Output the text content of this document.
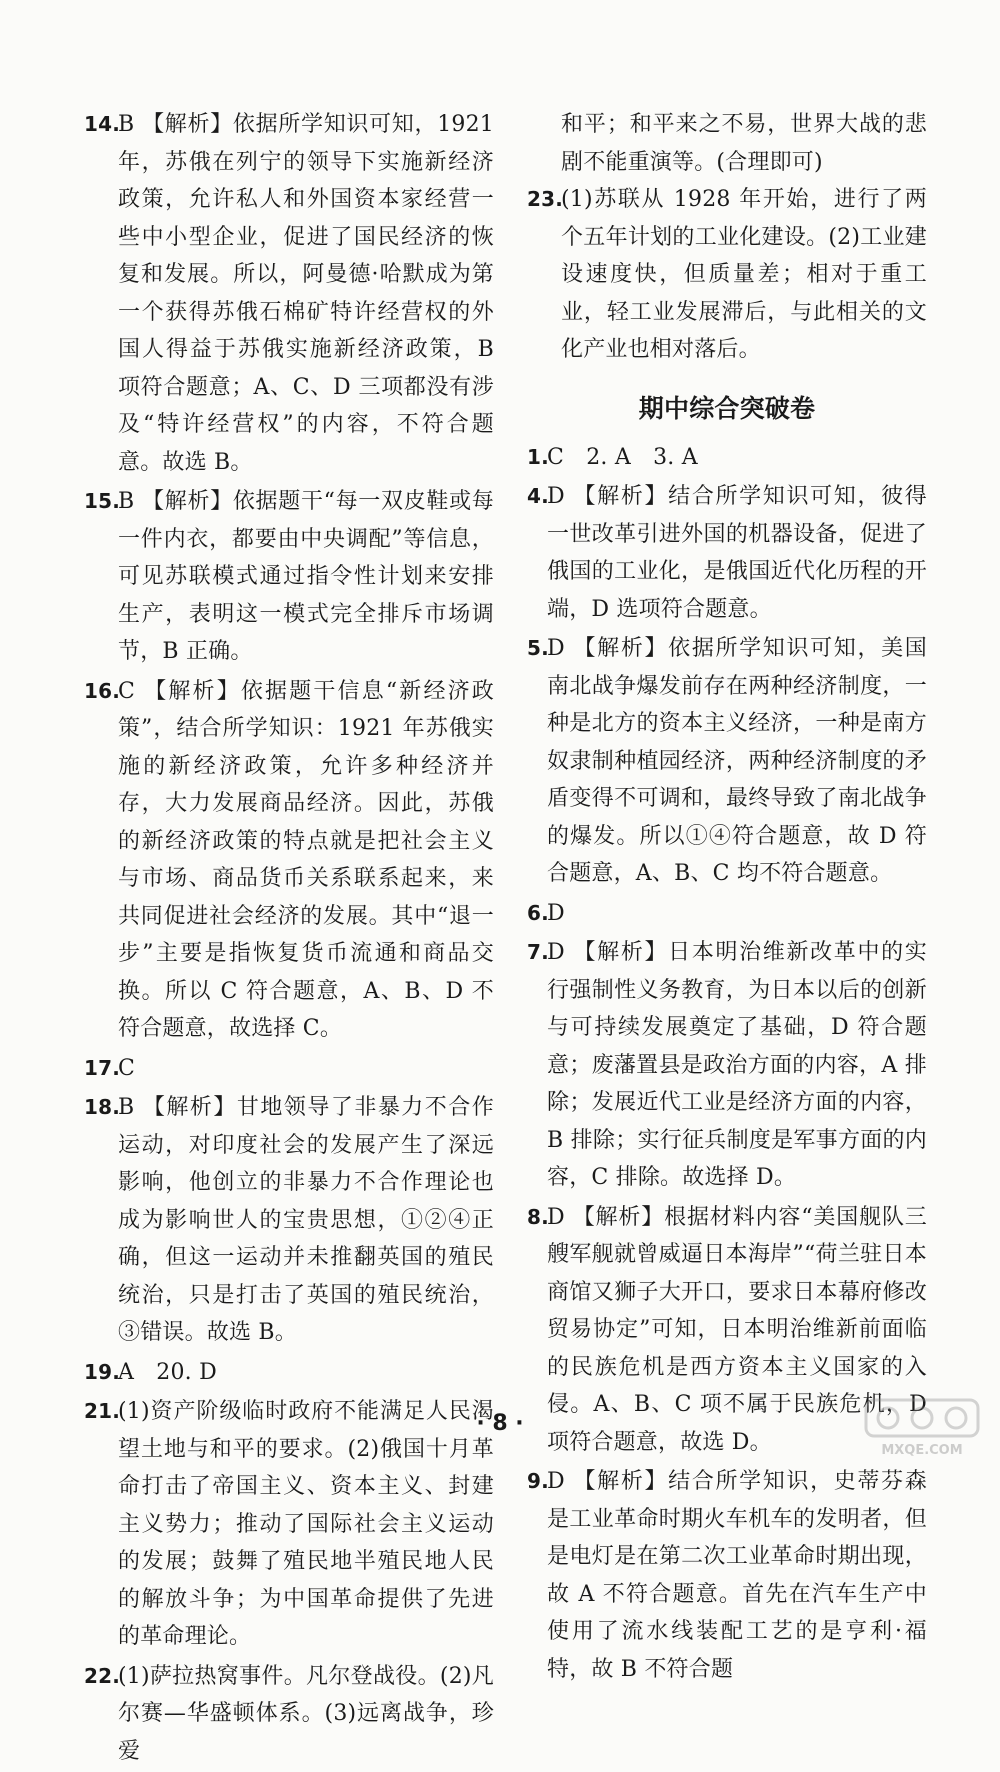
14.
B 【解析】依据所学知识可知，1921 年，苏俄在列宁的领导下实施新经济政策，允许私人和外国资本家经营一些中小型企业，促进了国民经济的恢复和发展。所以，阿曼德·哈默成为第一个获得苏俄石棉矿特许经营权的外国人得益于苏俄实施新经济政策，B 项符合题意；A、C、D 三项都没有涉及“特许经营权”的内容，不符合题意。故选 B。
15.
B 【解析】依据题干“每一双皮鞋或每一件内衣，都要由中央调配”等信息，可见苏联模式通过指令性计划来安排生产，表明这一模式完全排斥市场调节，B 正确。
16.
C 【解析】依据题干信息“新经济政策”，结合所学知识：1921 年苏俄实施的新经济政策，允许多种经济并存，大力发展商品经济。因此，苏俄的新经济政策的特点就是把社会主义与市场、商品货币关系联系起来，来共同促进社会经济的发展。其中“退一步”主要是指恢复货币流通和商品交换。所以 C 符合题意，A、B、D 不符合题意，故选择 C。
17.
C
18.
B 【解析】甘地领导了非暴力不合作运动，对印度社会的发展产生了深远影响，他创立的非暴力不合作理论也成为影响世人的宝贵思想，①②④正确，但这一运动并未推翻英国的殖民统治，只是打击了英国的殖民统治，③错误。故选 B。
19.
A　20. D
21.
(1)资产阶级临时政府不能满足人民渴望土地与和平的要求。(2)俄国十月革命打击了帝国主义、资本主义、封建主义势力；推动了国际社会主义运动的发展；鼓舞了殖民地半殖民地人民的解放斗争；为中国革命提供了先进的革命理论。
22.
(1)萨拉热窝事件。凡尔登战役。(2)凡尔赛—华盛顿体系。(3)远离战争，珍爱
和平；和平来之不易，世界大战的悲剧不能重演等。(合理即可)
23.
(1)苏联从 1928 年开始，进行了两个五年计划的工业化建设。(2)工业建设速度快，但质量差；相对于重工业，轻工业发展滞后，与此相关的文化产业也相对落后。
期中综合突破卷
1.
C　2. A　3. A
4.
D 【解析】结合所学知识可知，彼得一世改革引进外国的机器设备，促进了俄国的工业化，是俄国近代化历程的开端，D 选项符合题意。
5.
D 【解析】依据所学知识可知，美国南北战争爆发前存在两种经济制度，一种是北方的资本主义经济，一种是南方奴隶制种植园经济，两种经济制度的矛盾变得不可调和，最终导致了南北战争的爆发。所以①④符合题意，故 D 符合题意，A、B、C 均不符合题意。
6.
D
7.
D 【解析】日本明治维新改革中的实行强制性义务教育，为日本以后的创新与可持续发展奠定了基础，D 符合题意；废藩置县是政治方面的内容，A 排除；发展近代工业是经济方面的内容，B 排除；实行征兵制度是军事方面的内容，C 排除。故选择 D。
8.
D 【解析】根据材料内容“美国舰队三艘军舰就曾威逼日本海岸”“荷兰驻日本商馆又狮子大开口，要求日本幕府修改贸易协定”可知，日本明治维新前面临的民族危机是西方资本主义国家的入侵。A、B、C 项不属于民族危机，D 项符合题意，故选 D。
9.
D 【解析】结合所学知识，史蒂芬森是工业革命时期火车机车的发明者，但是电灯是在第二次工业革命时期出现，故 A 不符合题意。首先在汽车生产中使用了流水线装配工艺的是亨利·福特，故 B 不符合题
· 8 ·
MXQE.COM
